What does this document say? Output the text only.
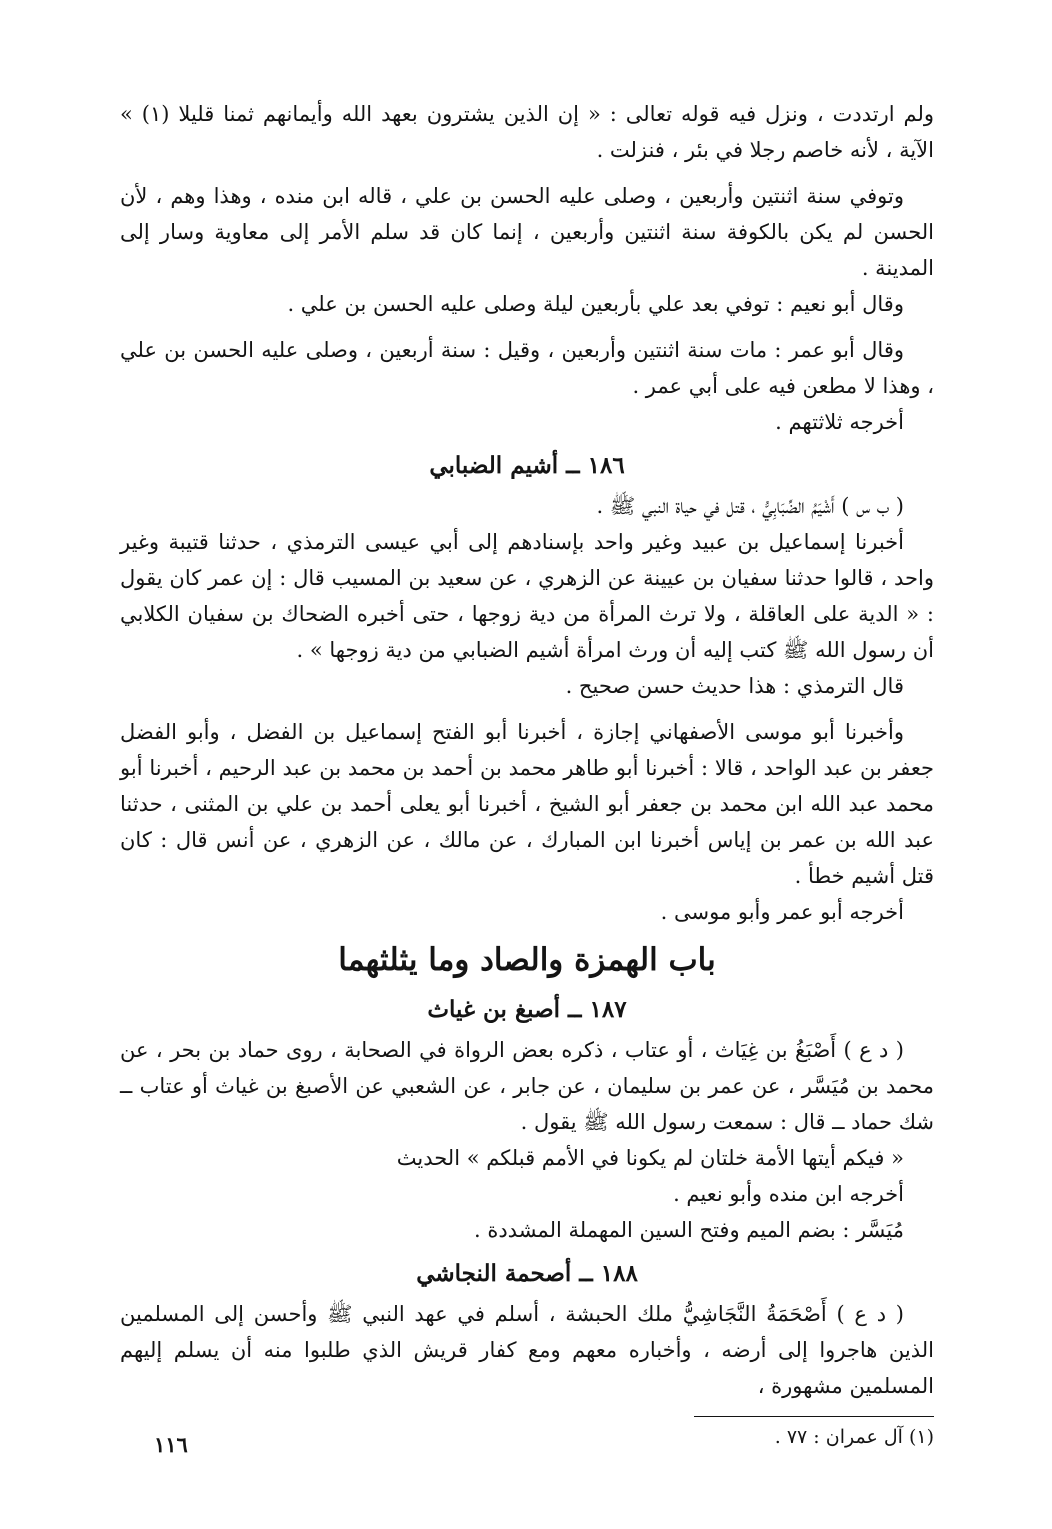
ولم ارتددت ، ونزل فيه قوله تعالى : « إن الذين يشترون بعهد الله وأيمانهم ثمنا قليلا (١) » الآية ، لأنه خاصم رجلا في بئر ، فنزلت .

وتوفي سنة اثنتين وأربعين ، وصلى عليه الحسن بن علي ، قاله ابن منده ، وهذا وهم ، لأن الحسن لم يكن بالكوفة سنة اثنتين وأربعين ، إنما كان قد سلم الأمر إلى معاوية وسار إلى المدينة .

وقال أبو نعيم : توفي بعد علي بأربعين ليلة وصلى عليه الحسن بن علي .

وقال أبو عمر : مات سنة اثنتين وأربعين ، وقيل : سنة أربعين ، وصلى عليه الحسن بن علي ، وهذا لا مطعن فيه على أبي عمر .

أخرجه ثلاثتهم .

١٨٦ ــ أشيم الضبابي

( ب س ) أَشْيَمُ الضِّبَابِيُّ ، قتل في حياة النبي ﷺ .

أخبرنا إسماعيل بن عبيد وغير واحد بإسنادهم إلى أبي عيسى الترمذي ، حدثنا قتيبة وغير واحد ، قالوا حدثنا سفيان بن عيينة عن الزهري ، عن سعيد بن المسيب قال : إن عمر كان يقول : « الدية على العاقلة ، ولا ترث المرأة من دية زوجها ، حتى أخبره الضحاك بن سفيان الكلابي أن رسول الله ﷺ كتب إليه أن ورث امرأة أشيم الضبابي من دية زوجها » .

قال الترمذي : هذا حديث حسن صحيح .

وأخبرنا أبو موسى الأصفهاني إجازة ، أخبرنا أبو الفتح إسماعيل بن الفضل ، وأبو الفضل جعفر بن عبد الواحد ، قالا : أخبرنا أبو طاهر محمد بن أحمد بن محمد بن عبد الرحيم ، أخبرنا أبو محمد عبد الله ابن محمد بن جعفر أبو الشيخ ، أخبرنا أبو يعلى أحمد بن علي بن المثنى ، حدثنا عبد الله بن عمر بن إياس أخبرنا ابن المبارك ، عن مالك ، عن الزهري ، عن أنس قال : كان قتل أشيم خطأ .

أخرجه أبو عمر وأبو موسى .

باب الهمزة والصاد وما يثلثهما
١٨٧ ــ أصبغ بن غياث

( د ع ) أَصْبَغُ بن غِيَاث ، أو عتاب ، ذكره بعض الرواة في الصحابة ، روى حماد بن بحر ، عن محمد بن مُيَسَّر ، عن عمر بن سليمان ، عن جابر ، عن الشعبي عن الأصبغ بن غياث أو عتاب ــ شك حماد ــ قال : سمعت رسول الله ﷺ يقول .

« فيكم أيتها الأمة خلتان لم يكونا في الأمم قبلكم » الحديث

أخرجه ابن منده وأبو نعيم .

مُيَسَّر : بضم الميم وفتح السين المهملة المشددة .

١٨٨ ــ أصحمة النجاشي

( د ع ) أَصْحَمَةُ النَّجَاشِيُّ ملك الحبشة ، أسلم في عهد النبي ﷺ وأحسن إلى المسلمين الذين هاجروا إلى أرضه ، وأخباره معهم ومع كفار قريش الذي طلبوا منه أن يسلم إليهم المسلمين مشهورة ،

(١) آل عمران : ٧٧ .

١١٦
